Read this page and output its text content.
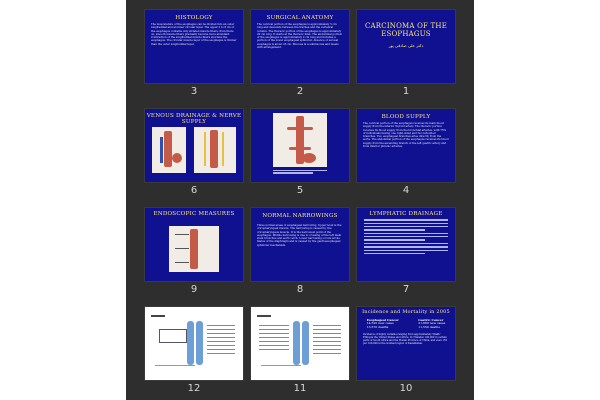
HISTOLOGY
The musculature of the esophagus can be divided into an outer longitudinal and an inner circular layer. The upper 2 to 6 cm of the esophagus contains only striated muscle fibers, from there on, smooth muscle fibers gradually become more abundant. Contraction of the longitudinal muscle fibers shortens the esophagus. The circular muscle layer of the esophagus is thicker than the outer longitudinal layer.
3
SURGICAL ANATOMY
The cervical portion of the esophagus is approximately 5 cm long and descends between the trachea and the vertebral column. The thoracic portion of the esophagus is approximately 20 cm long. It starts at the thoracic inlet. The abdominal portion of the esophagus is approximately 2 cm long and includes a portion of the lower esophageal sphincter. Absence of serosal esophagus is about 25 cm. Mucosa in a submucosa and meets with arrangement.
2
CARCINOMA OF THE ESOPHAGUS
دکتر علی صادقی پور
1
VENOUS DRAINAGE & NERVE SUPPLY
6	5
BLOOD SUPPLY
The cervical portion of the esophagus receives its main blood supply from the inferior thyroid artery. The thoracic portion receives its blood supply from the bronchial arteries, with 75% of individuals having one right-sided and two left-sided branches. Two esophageal branches arise directly from the aorta. The abdominal portion of the esophagus receives its blood supply from the ascending branch of the left gastric artery and from inferior phrenic arteries.
4
ENDOSCOPIC MEASURES
9
NORMAL NARROWINGS
Three normal areas of esophageal narrowing. Upper level is the cricopharyngeal muscle. The narrowing is caused by the cricopharyngeus muscle. It is the narrowest point of the esophagus. Middle narrowing is due to crossing of the left main stem bronchus and aortic arch. Lower narrowing occurs at the hiatus of the diaphragm and is caused by the gastroesophageal sphincter mechanism.
8
LYMPHATIC DRAINAGE
7
12	11
Incidence and Mortality in 2005
Esophageal Cancer
14,520 new cases
13,570 deaths
Gastric Cancer
21,860 new cases
11,550 deaths
Incidence of highly variable ranging from approximately 5/lakh' Ethiopia the United States and Africa. In Transkei 100,000 in certain parts of South Africa and the Honan Province of China, and even 150 per 100,000 in the Gonbad region of Kazakhstan.
10
